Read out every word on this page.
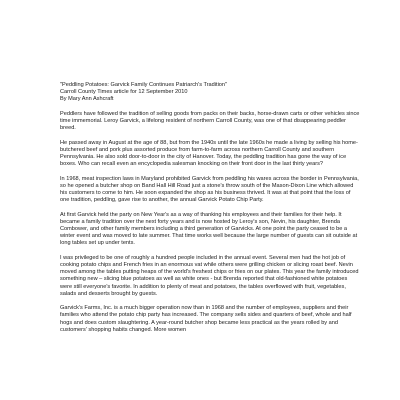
"Peddling Potatoes: Garvick Family Continues Patriarch's Tradition"

Carroll County Times article for 12 September 2010

By Mary Ann Ashcraft

Peddlers have followed the tradition of selling goods from packs on their backs, horse-drawn carts or other vehicles since time immemorial. Leroy Garvick, a lifelong resident of northern Carroll County, was one of that disappearing peddler breed.

He passed away in August at the age of 88, but from the 1940s until the late 1960s he made a living by selling his home-butchered beef and pork plus assorted produce from farm-to-farm across northern Carroll County and southern Pennsylvania. He also sold door-to-door in the city of Hanover. Today, the peddling tradition has gone the way of ice boxes. Who can recall even an encyclopedia salesman knocking on their front door in the last thirty years?

In 1968, meat inspection laws in Maryland prohibited Garvick from peddling his wares across the border in Pennsylvania, so he opened a butcher shop on Band Hall Hill Road just a stone's throw south of the Mason-Dixon Line which allowed his customers to come to him. He soon expanded the shop as his business thrived. It was at that point that the loss of one tradition, peddling, gave rise to another, the annual Garvick Potato Chip Party.

At first Garvick held the party on New Year's as a way of thanking his employees and their families for their help. It became a family tradition over the next forty years and is now hosted by Leroy's son, Nevin, his daughter, Brenda Combower, and other family members including a third generation of Garvicks. At one point the party ceased to be a winter event and was moved to late summer. That time works well because the large number of guests can sit outside at long tables set up under tents.

I was privileged to be one of roughly a hundred people included in the annual event. Several men had the hot job of cooking potato chips and French fries in an enormous vat while others were grilling chicken or slicing roast beef. Nevin moved among the tables putting heaps of the world's freshest chips or fries on our plates. This year the family introduced something new – slicing blue potatoes as well as white ones - but Brenda reported that old-fashioned white potatoes were still everyone's favorite. In addition to plenty of meat and potatoes, the tables overflowed with fruit, vegetables, salads and desserts brought by guests.

Garvick's Farms, Inc. is a much bigger operation now than in 1968 and the number of employees, suppliers and their families who attend the potato chip party has increased. The company sells sides and quarters of beef, whole and half hogs and does custom slaughtering. A year-round butcher shop became less practical as the years rolled by and customers' shopping habits changed. More women
